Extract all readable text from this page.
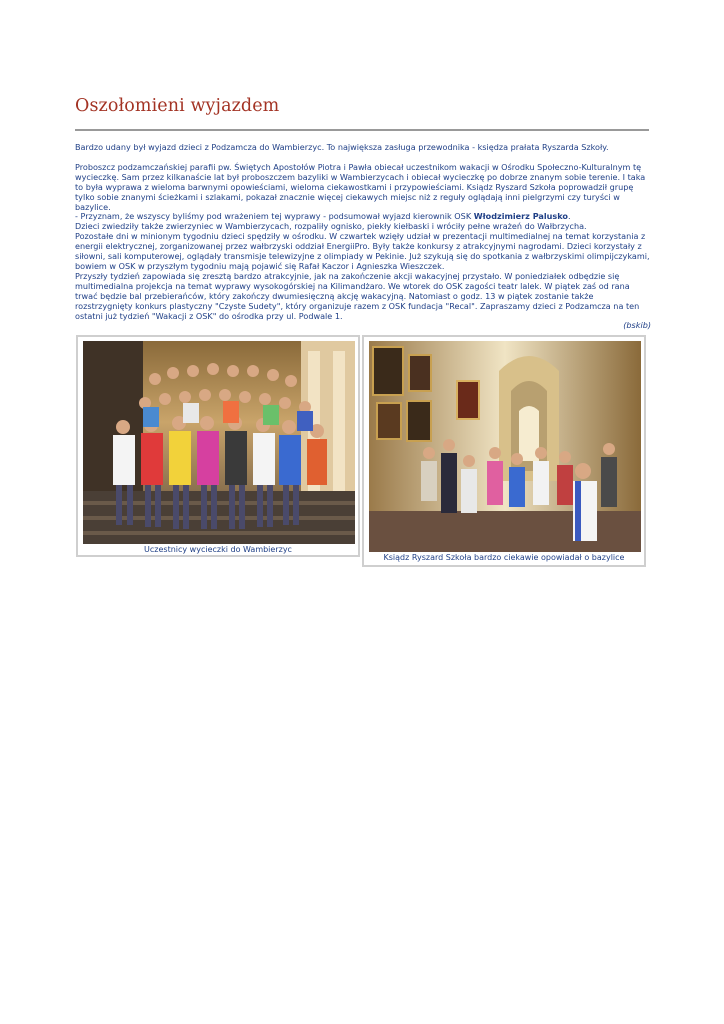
Oszołomieni wyjazdem

Bardzo udany był wyjazd dzieci z Podzamcza do Wambierzyc. To największa zasługa przewodnika - księdza prałata Ryszarda Szkoły.

Proboszcz podzamczańskiej parafii pw. Świętych Apostołów Piotra i Pawła obiecał uczestnikom wakacji w Ośrodku Społeczno-Kulturalnym tę wycieczkę. Sam przez kilkanaście lat był proboszczem bazyliki w Wambierzycach i obiecał wycieczkę po dobrze znanym sobie terenie. I taka to była wyprawa z wieloma barwnymi opowieściami, wieloma ciekawostkami i przypowieściami. Ksiądz Ryszard Szkoła poprowadził grupę tylko sobie znanymi ścieżkami i szlakami, pokazał znacznie więcej ciekawych miejsc niż z reguły oglądają inni pielgrzymi czy turyści w bazylice.

- Przyznam, że wszyscy byliśmy pod wrażeniem tej wyprawy - podsumował wyjazd kierownik OSK Włodzimierz Palusko.

Dzieci zwiedziły także zwierzyniec w Wambierzycach, rozpaliły ognisko, piekły kiełbaski i wróciły pełne wrażeń do Wałbrzycha.

Pozostałe dni w minionym tygodniu dzieci spędziły w ośrodku. W czwartek wzięły udział w prezentacji multimedialnej na temat korzystania z energii elektrycznej, zorganizowanej przez wałbrzyski oddział EnergiiPro. Były także konkursy z atrakcyjnymi nagrodami. Dzieci korzystały z siłowni, sali komputerowej, oglądały transmisje telewizyjne z olimpiady w Pekinie. Już szykują się do spotkania z wałbrzyskimi olimpijczykami, bowiem w OSK w przyszłym tygodniu mają pojawić się Rafał Kaczor i Agnieszka Wieszczek.

Przyszły tydzień zapowiada się zresztą bardzo atrakcyjnie, jak na zakończenie akcji wakacyjnej przystało. W poniedziałek odbędzie się multimedialna projekcja na temat wyprawy wysokogórskiej na Kilimandżaro. We wtorek do OSK zagości teatr lalek. W piątek zaś od rana trwać będzie bal przebierańców, który zakończy dwumiesięczną akcję wakacyjną. Natomiast o godz. 13 w piątek zostanie także rozstrzygnięty konkurs plastyczny "Czyste Sudety", który organizuje razem z OSK fundacja "Recal". Zapraszamy dzieci z Podzamcza na ten ostatni już tydzień "Wakacji z OSK" do ośrodka przy ul. Podwale 1.

(bskib)

Uczestnicy wycieczki do Wambierzyc
Ksiądz Ryszard Szkoła bardzo ciekawie opowiadał o bazylice
